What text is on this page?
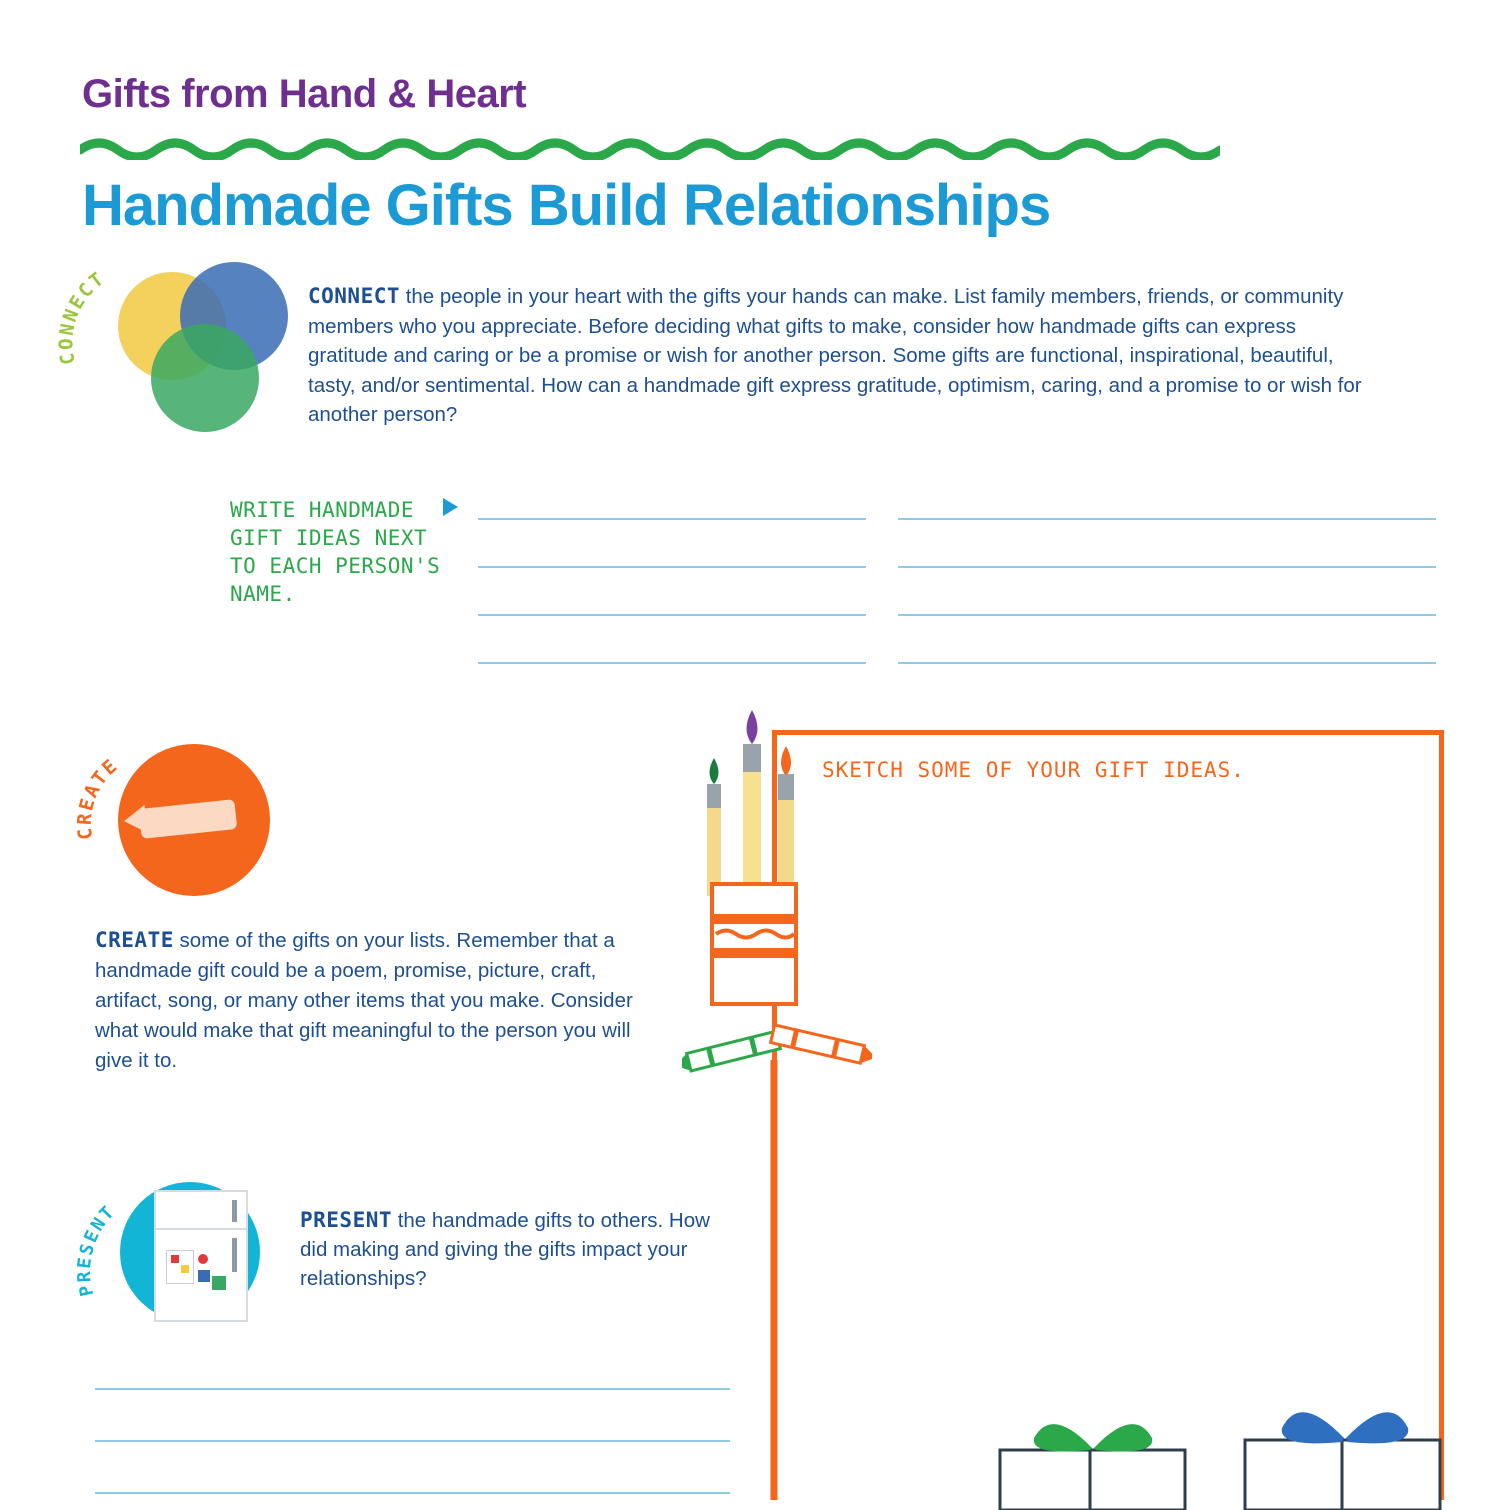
Gifts from Hand & Heart
Handmade Gifts Build Relationships
CONNECT
CONNECT the people in your heart with the gifts your hands can make. List family members, friends, or community members who you appreciate. Before deciding what gifts to make, consider how handmade gifts can express gratitude and caring or be a promise or wish for another person. Some gifts are functional, inspirational, beautiful, tasty, and/or sentimental. How can a handmade gift express gratitude, optimism, caring, and a promise to or wish for another person?
WRITE HANDMADE GIFT IDEAS NEXT TO EACH PERSON'S NAME.
CREATE
CREATE some of the gifts on your lists. Remember that a handmade gift could be a poem, promise, picture, craft, artifact, song, or many other items that you make. Consider what would make that gift meaningful to the person you will give it to.
PRESENT	PRESENT the handmade gifts to others. How did making and giving the gifts impact your relationships?
SKETCH SOME OF YOUR GIFT IDEAS.
